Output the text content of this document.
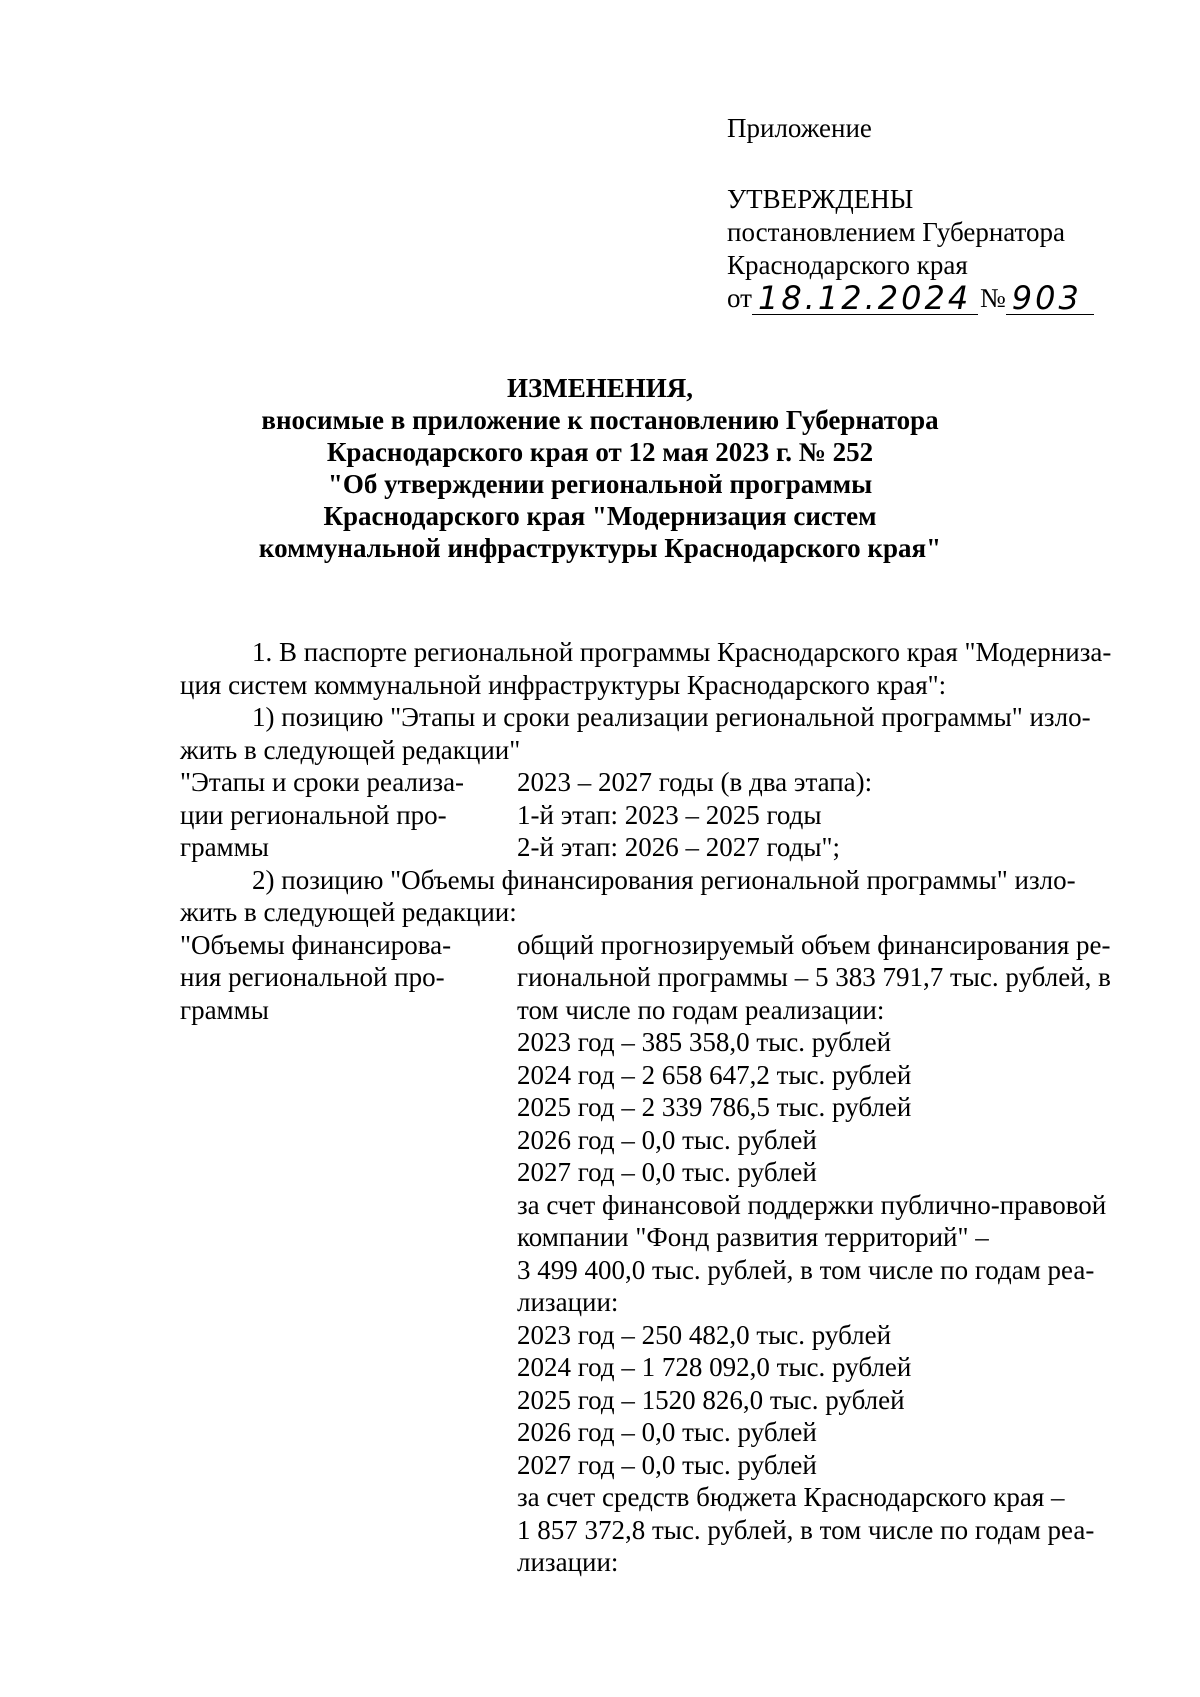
Приложение
УТВЕРЖДЕНЫ
постановлением Губернатора
Краснодарского края
от 18.12.2024 № 903
ИЗМЕНЕНИЯ,
вносимые в приложение к постановлению Губернатора
Краснодарского края от 12 мая 2023 г. № 252
"Об утверждении региональной программы
Краснодарского края "Модернизация систем
коммунальной инфраструктуры Краснодарского края"
1. В паспорте региональной программы Краснодарского края "Модерниза-
ция систем коммунальной инфраструктуры Краснодарского края":
1) позицию "Этапы и сроки реализации региональной программы" изло-
жить в следующей редакции"
"Этапы и сроки реализа-
ции региональной про-
граммы
2023 – 2027 годы (в два этапа):
1-й этап: 2023 – 2025 годы
2-й этап: 2026 – 2027 годы";
2) позицию "Объемы финансирования региональной программы" изло-
жить в следующей редакции:
"Объемы финансирова-
ния региональной про-
граммы
общий прогнозируемый объем финансирования ре-
гиональной программы – 5 383 791,7 тыс. рублей, в
том числе по годам реализации:
2023 год – 385 358,0 тыс. рублей
2024 год – 2 658 647,2 тыс. рублей
2025 год – 2 339 786,5 тыс. рублей
2026 год – 0,0 тыс. рублей
2027 год – 0,0 тыс. рублей
за счет финансовой поддержки публично-правовой
компании "Фонд развития территорий" –
3 499 400,0 тыс. рублей, в том числе по годам реа-
лизации:
2023 год – 250 482,0 тыс. рублей
2024 год – 1 728 092,0 тыс. рублей
2025 год – 1520 826,0 тыс. рублей
2026 год – 0,0 тыс. рублей
2027 год – 0,0 тыс. рублей
за счет средств бюджета Краснодарского края –
1 857 372,8 тыс. рублей, в том числе по годам реа-
лизации:
